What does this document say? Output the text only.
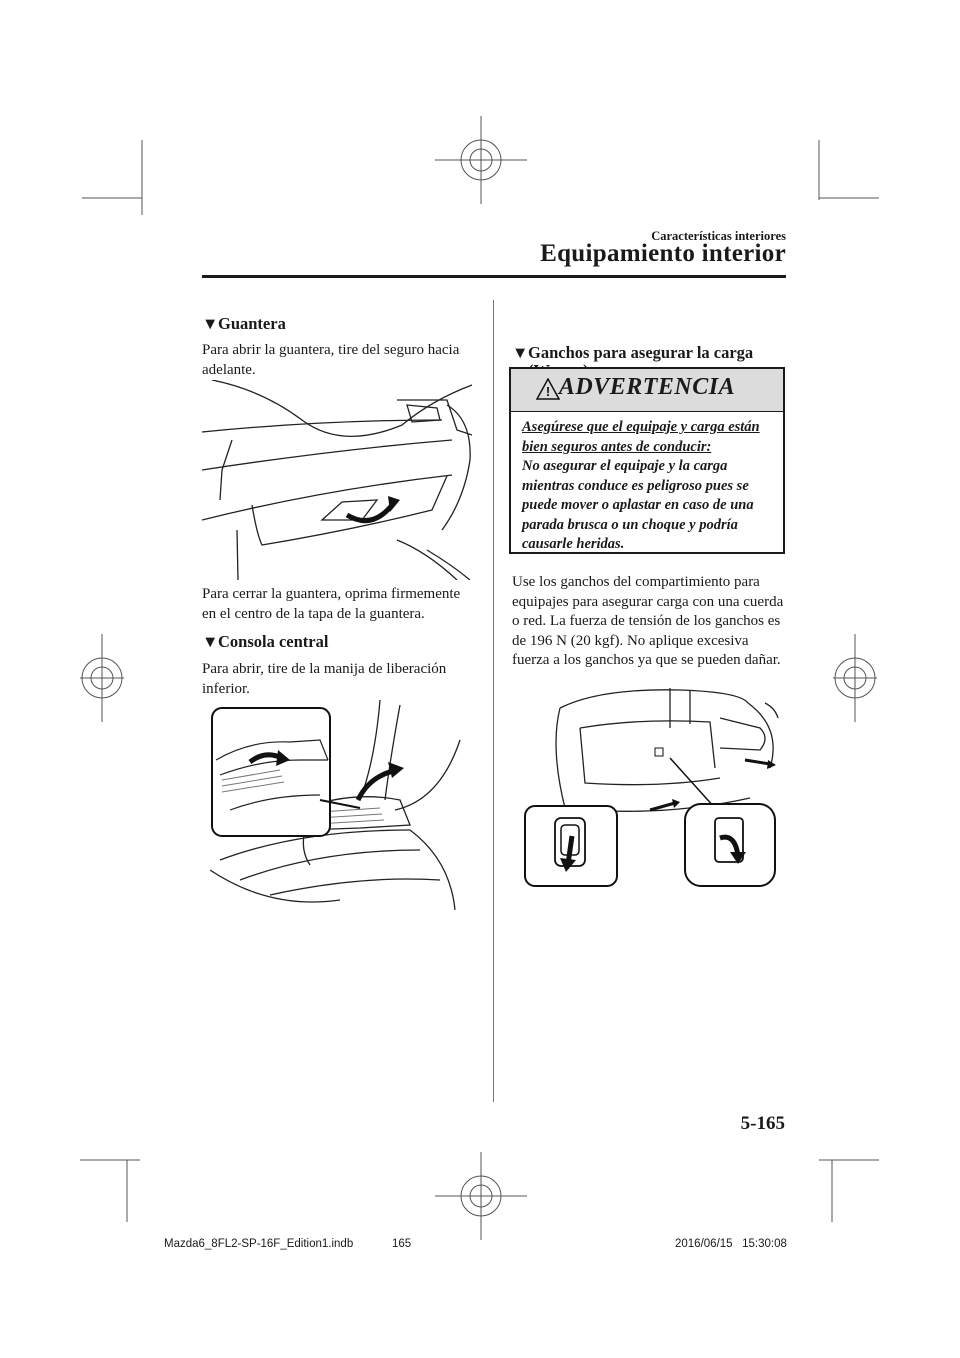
Equipamiento interior
Características interiores
▼Guantera
Para abrir la guantera, tire del seguro hacia adelante.
Para cerrar la guantera, oprima firmemente en el centro de la tapa de la guantera.
▼Consola central
Para abrir, tire de la manija de liberación inferior.
▼Ganchos para asegurar la carga
! ADVERTENCIA
Asegúrese que el equipaje y carga están bien seguros antes de conducir:
No asegurar el equipaje y la carga mientras conduce es peligroso pues se puede mover o aplastar en caso de una parada brusca o un choque y podría causarle heridas.
Use los ganchos del compartimiento para equipajes para asegurar carga con una cuerda o red. La fuerza de tensión de los ganchos es de 196 N (20 kgf). No aplique excesiva fuerza a los ganchos ya que se pueden dañar.
5-165
Mazda6_8FL2-SP-16F_Edition1.indb	165	2016/06/15   15:30:08
